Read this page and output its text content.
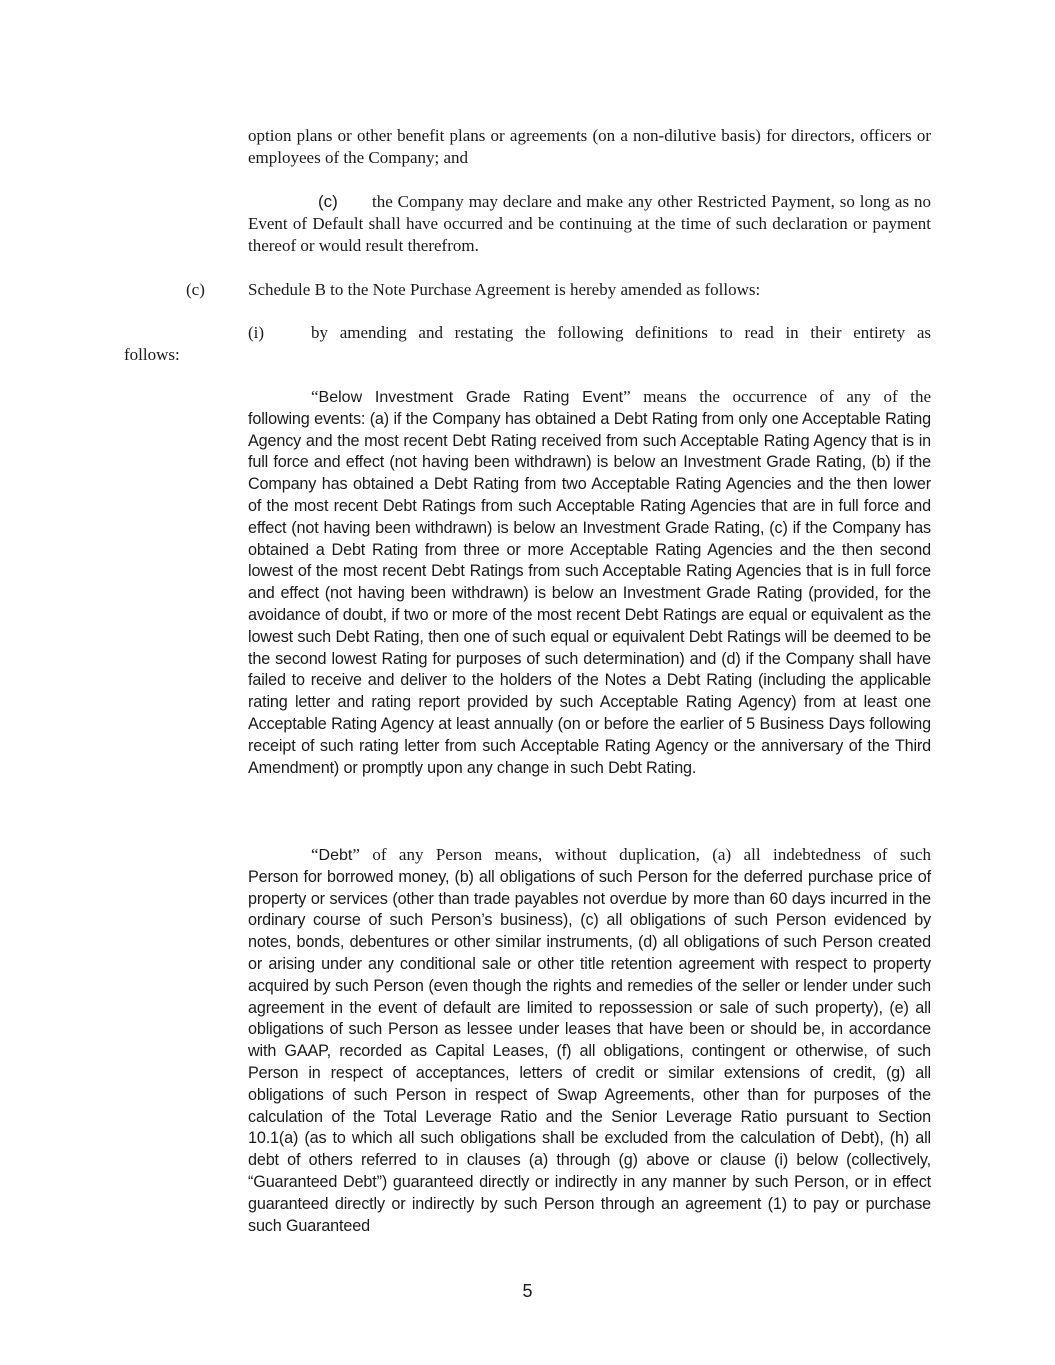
option plans or other benefit plans or agreements (on a non-dilutive basis) for directors, officers or employees of the Company; and

(c)	the Company may declare and make any other Restricted Payment, so long as no Event of Default shall have occurred and be continuing at the time of such declaration or payment thereof or would result therefrom.

(c)	Schedule B to the Note Purchase Agreement is hereby amended as follows:

(i)	by amending and restating the following definitions to read in their entirety as

follows:

“Below Investment Grade Rating Event” means the occurrence of any of the
following events: (a) if the Company has obtained a Debt Rating from only one Acceptable Rating Agency and the most recent Debt Rating received from such Acceptable Rating Agency that is in full force and effect (not having been withdrawn) is below an Investment Grade Rating, (b) if the Company has obtained a Debt Rating from two Acceptable Rating Agencies and the then lower of the most recent Debt Ratings from such Acceptable Rating Agencies that are in full force and effect (not having been withdrawn) is below an Investment Grade Rating, (c) if the Company has obtained a Debt Rating from three or more Acceptable Rating Agencies and the then second lowest of the most recent Debt Ratings from such Acceptable Rating Agencies that is in full force and effect (not having been withdrawn) is below an Investment Grade Rating (provided, for the avoidance of doubt, if two or more of the most recent Debt Ratings are equal or equivalent as the lowest such Debt Rating, then one of such equal or equivalent Debt Ratings will be deemed to be the second lowest Rating for purposes of such determination) and (d) if the Company shall have failed to receive and deliver to the holders of the Notes a Debt Rating (including the applicable rating letter and rating report provided by such Acceptable Rating Agency) from at least one Acceptable Rating Agency at least annually (on or before the earlier of 5 Business Days following receipt of such rating letter from such Acceptable Rating Agency or the anniversary of the Third Amendment) or promptly upon any change in such Debt Rating.
“Debt” of any Person means, without duplication, (a) all indebtedness of such
Person for borrowed money, (b) all obligations of such Person for the deferred purchase price of property or services (other than trade payables not overdue by more than 60 days incurred in the ordinary course of such Person’s business), (c) all obligations of such Person evidenced by notes, bonds, debentures or other similar instruments, (d) all obligations of such Person created or arising under any conditional sale or other title retention agreement with respect to property acquired by such Person (even though the rights and remedies of the seller or lender under such agreement in the event of default are limited to repossession or sale of such property), (e) all obligations of such Person as lessee under leases that have been or should be, in accordance with GAAP, recorded as Capital Leases, (f) all obligations, contingent or otherwise, of such Person in respect of acceptances, letters of credit or similar extensions of credit, (g) all obligations of such Person in respect of Swap Agreements, other than for purposes of the calculation of the Total Leverage Ratio and the Senior Leverage Ratio pursuant to Section 10.1(a) (as to which all such obligations shall be excluded from the calculation of Debt), (h) all debt of others referred to in clauses (a) through (g) above or clause (i) below (collectively, “Guaranteed Debt”) guaranteed directly or indirectly in any manner by such Person, or in effect guaranteed directly or indirectly by such Person through an agreement (1) to pay or purchase such Guaranteed
5
